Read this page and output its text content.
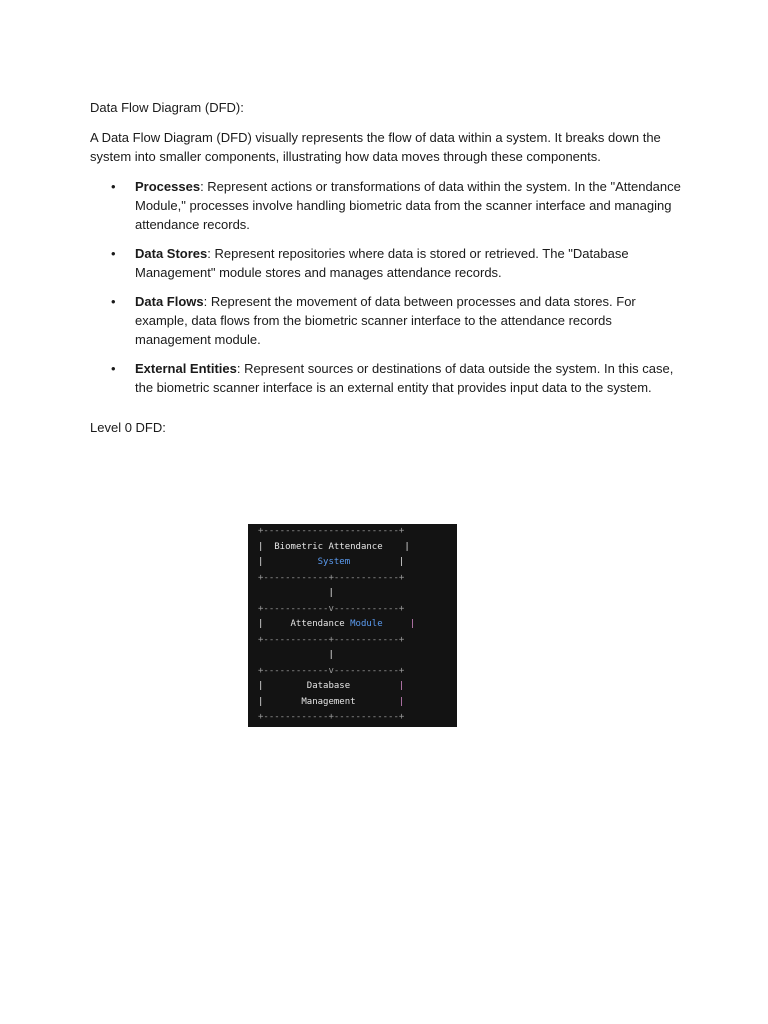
Data Flow Diagram (DFD):
A Data Flow Diagram (DFD) visually represents the flow of data within a system. It breaks down the system into smaller components, illustrating how data moves through these components.
• Processes: Represent actions or transformations of data within the system. In the "Attendance Module," processes involve handling biometric data from the scanner interface and managing attendance records.
• Data Stores: Represent repositories where data is stored or retrieved. The "Database Management" module stores and manages attendance records.
• Data Flows: Represent the movement of data between processes and data stores. For example, data flows from the biometric scanner interface to the attendance records management module.
• External Entities: Represent sources or destinations of data outside the system. In this case, the biometric scanner interface is an external entity that provides input data to the system.
Level 0 DFD:
+-------------------------+
|  Biometric Attendance    |
|	System	|
+------------+------------+
|
+------------v------------+
|	Attendance Module	|
+------------+------------+
|
+------------v------------+
|	Database	|
|	Management	|
+------------+------------+
